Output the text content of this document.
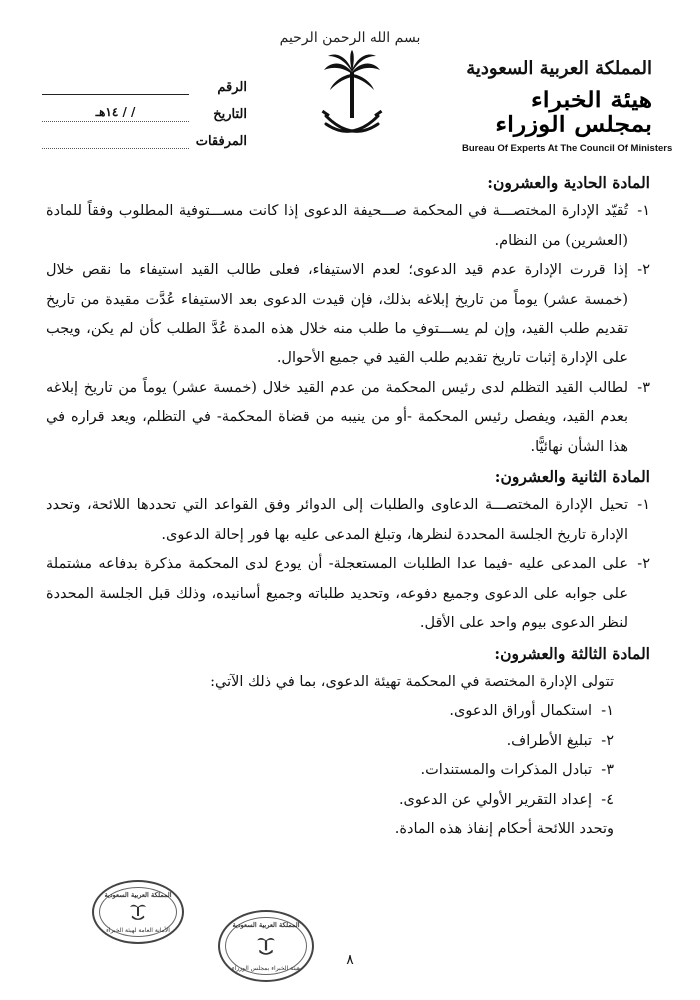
بسم الله الرحمن الرحيم
المملكة العربية السعودية
هيئة الخبراء بمجلس الوزراء
Bureau Of Experts At The Council Of Ministers
الرقم
التاريخ
/ / ١٤هـ
المرفقات

المادة الحادية والعشرون:

١-
تُقيّد الإدارة المختصـــة في المحكمة صـــحيفة الدعوى إذا كانت مســـتوفية المطلوب وفقاً للمادة (العشرين) من النظام.
٢-
إذا قررت الإدارة عدم قيد الدعوى؛ لعدم الاستيفاء، فعلى طالب القيد استيفاء ما نقص خلال (خمسة عشر) يوماً من تاريخ إبلاغه بذلك، فإن قيدت الدعوى بعد الاستيفاء عُدَّت مقيدة من تاريخ تقديم طلب القيد، وإن لم يســـتوفِ ما طلب منه خلال هذه المدة عُدَّ الطلب كأن لم يكن، ويجب على الإدارة إثبات تاريخ تقديم طلب القيد في جميع الأحوال.
٣-
لطالب القيد التظلم لدى رئيس المحكمة من عدم القيد خلال (خمسة عشر) يوماً من تاريخ إبلاغه بعدم القيد، ويفصل رئيس المحكمة -أو من ينيبه من قضاة المحكمة- في التظلم، ويعد قراره في هذا الشأن نهائيًّا.

المادة الثانية والعشرون:

١-
تحيل الإدارة المختصـــة الدعاوى والطلبات إلى الدوائر وفق القواعد التي تحددها اللائحة، وتحدد الإدارة تاريخ الجلسة المحددة لنظرها، وتبلغ المدعى عليه بها فور إحالة الدعوى.
٢-
على المدعى عليه -فيما عدا الطلبات المستعجلة- أن يودع لدى المحكمة مذكرة بدفاعه مشتملة على جوابه على الدعوى وجميع دفوعه، وتحديد طلباته وجميع أسانيده، وذلك قبل الجلسة المحددة لنظر الدعوى بيوم واحد على الأقل.

المادة الثالثة والعشرون:

تتولى الإدارة المختصة في المحكمة تهيئة الدعوى، بما في ذلك الآتي:

١-
استكمال أوراق الدعوى.
٢-
تبليغ الأطراف.
٣-
تبادل المذكرات والمستندات.
٤-
إعداد التقرير الأولي عن الدعوى.

وتحدد اللائحة أحكام إنفاذ هذه المادة.

المملكة العربية السعودية
الأمانة العامة لهيئة الخبراء
المملكة العربية السعودية
هيئة الخبراء بمجلس الوزراء
٨
